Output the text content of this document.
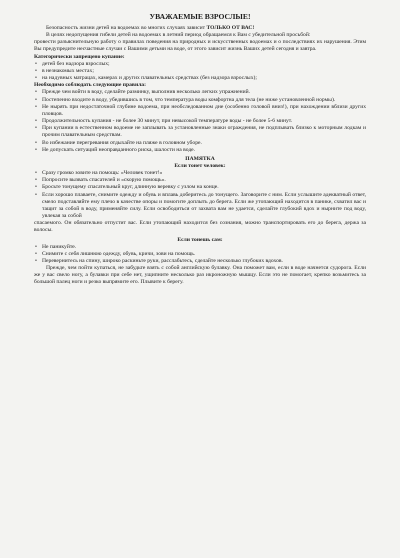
УВАЖАЕМЫЕ ВЗРОСЛЫЕ!

Безопасность жизни детей на водоемах во многих случаях зависит ТОЛЬКО ОТ ВАС!

В целях недопущения гибели детей на водоемах в летний период обращаемся к Вам с убедительной просьбой:

провести разъяснительную работу о правилах поведения на природных и искусственных водоемах и о последствиях их нарушения. Этим Вы предупредите несчастные случаи с Вашими детьми на воде, от этого зависит жизнь Ваших детей сегодня и завтра.

Категорически запрещено купание:

• детей без надзора взрослых;
• в незнакомых местах;
• на надувных матрацах, камерах и других плавательных средствах (без надзора взрослых);

Необходимо соблюдать следующие правила:

• Прежде чем войти в воду, сделайте разминку, выполнив несколько легких упражнений.
• Постепенно входите в воду, убедившись в том, что температура воды комфортна для тела (не ниже установленной нормы).
• Не нырять при недостаточной глубине водоема, при необследованном дне (особенно головой вниз!), при нахождении вблизи других пловцов.
• Продолжительность купания - не более 30 минут, при невысокой температуре воды - не более 5-6 минут.
• При купании в естественном водоеме не заплывать за установленные знаки ограждения, не подплывать близко к моторным лодкам и прочим плавательным средствам.
• Во избежание перегревания отдыхайте на пляже в головном уборе.
• Не допускать ситуаций неоправданного риска, шалости на воде.

ПАМЯТКА

Если тонет человек:

• Сразу громко зовите на помощь: «Человек тонет!»
• Попросите вызвать спасателей и «скорую помощь».
• Бросьте тонущему спасательный круг, длинную веревку с узлом на конце.
• Если хорошо плаваете, снимите одежду и обувь и вплавь доберитесь до тонущего. Заговорите с ним. Если услышите адекватный ответ, смело подставляйте ему плечо в качестве опоры и помогите доплыть до берега. Если же утопающий находится в панике, схватил вас и тащит за собой в воду, применяйте силу. Если освободиться от захвата вам не удается, сделайте глубокий вдох и нырните под воду, увлекая за собой

спасаемого. Он обязательно отпустит вас. Если утопающий находится без сознания, можно транспортировать его до берега, держа за волосы.

Если тонешь сам:

• Не паникуйте.
• Снимите с себя лишнюю одежду, обувь, кричи, зови на помощь.
• Перевернитесь на спину, широко раскиньте руки, расслабьтесь, сделайте несколько глубоких вдохов.

Прежде, чем пойти купаться, не забудьте взять с собой английскую булавку. Она поможет вам, если в воде начнется судорога. Если же у вас свело ногу, а булавки при себе нет, ущипните несколько раз икроножную мышцу. Если это не помогает, крепко возьмитесь за большой палец ноги и резко выпрямите его. Плывите к берегу.
